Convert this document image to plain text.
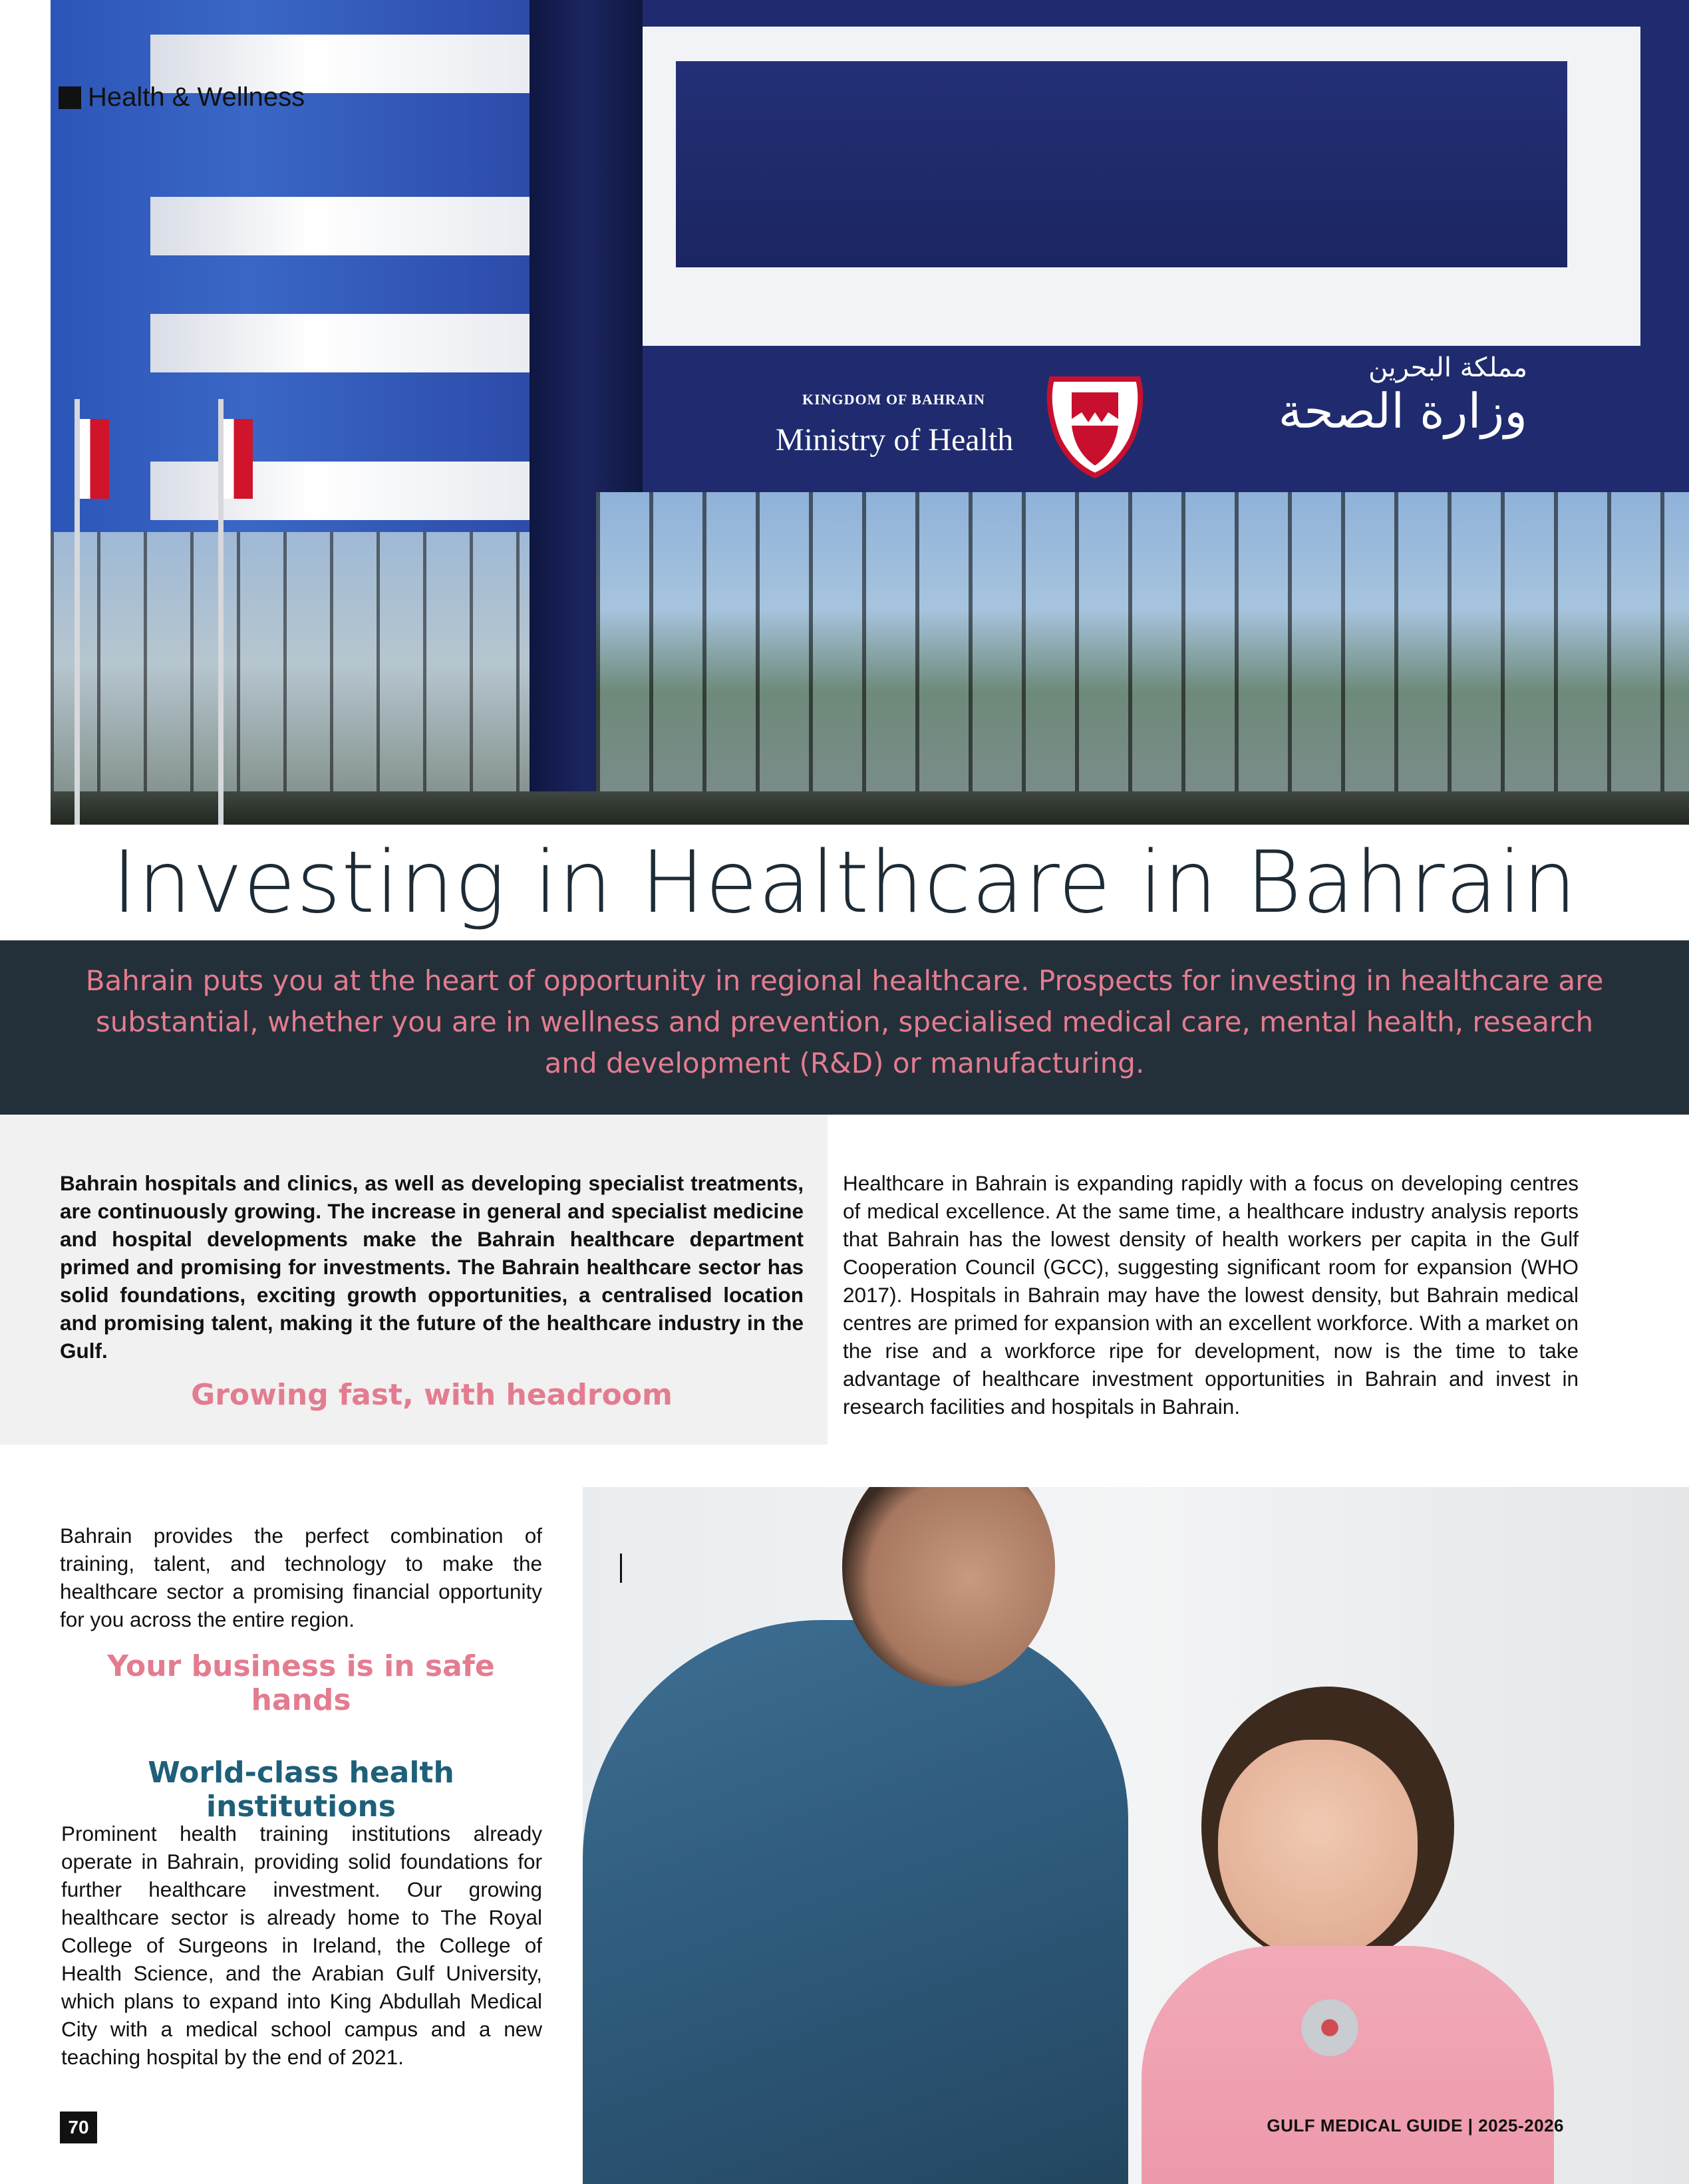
KINGDOM OF BAHRAIN
Ministry of Health
مملكة البحرين
وزارة الصحة
Health & Wellness
Investing in Healthcare in Bahrain

Bahrain puts you at the heart of opportunity in regional healthcare. Prospects for investing in healthcare are substantial, whether you are in wellness and prevention, specialised medical care, mental health, research and development (R&D) or manufacturing.

Bahrain hospitals and clinics, as well as developing specialist treatments, are continuously growing. The increase in general and specialist medicine and hospital developments make the Bahrain healthcare department primed and promising for investments. The Bahrain healthcare sector has solid foundations, exciting growth opportunities, a centralised location and promising talent, making it the future of the healthcare industry in the Gulf.

Growing fast, with headroom

Healthcare in Bahrain is expanding rapidly with a focus on developing centres of medical excellence. At the same time, a healthcare industry analysis reports that Bahrain has the lowest density of health workers per capita in the Gulf Cooperation Council (GCC), suggesting significant room for expansion (WHO 2017). Hospitals in Bahrain may have the lowest density, but Bahrain medical centres are primed for expansion with an excellent workforce. With a market on the rise and a workforce ripe for development, now is the time to take advantage of healthcare investment opportunities in Bahrain and invest in research facilities and hospitals in Bahrain.

Bahrain provides the perfect combination of training, talent, and technology to make the healthcare sector a promising financial opportunity for you across the entire region.

Your business is in safe hands
World-class health institutions

Prominent health training institutions already operate in Bahrain, providing solid foundations for further healthcare investment. Our growing healthcare sector is already home to The Royal College of Surgeons in Ireland, the College of Health Science, and the Arabian Gulf University, which plans to expand into King Abdullah Medical City with a medical school campus and a new teaching hospital by the end of 2021.

70	GULF MEDICAL GUIDE | 2025-2026
